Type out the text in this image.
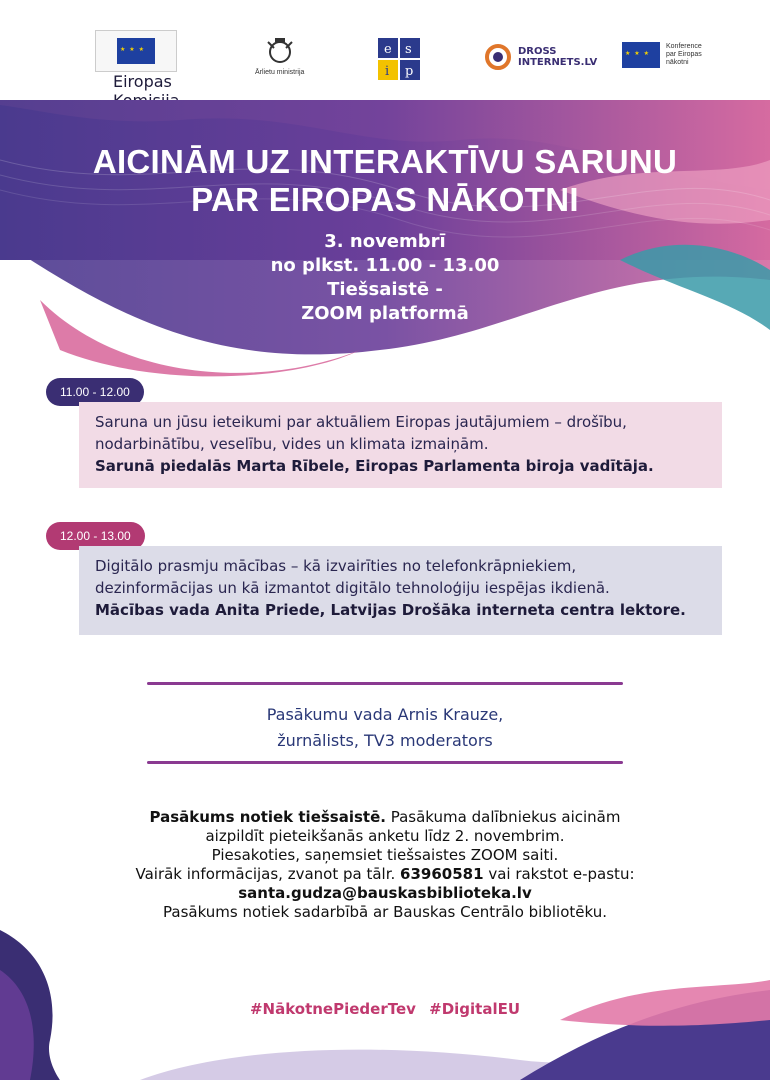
★ ★ ★
Eiropas	Ārlietu ministrija
e s
i p
DROSS INTERNETS.LV
★ ★ ★
Konference
par Eiropas
nākotni
AICINĀM UZ INTERAKTĪVU SARUNU
PAR EIROPAS NĀKOTNI
3. novembrī
no plkst. 11.00 - 13.00
Tiešsaistē -
ZOOM platformā
11.00 - 12.00

Saruna un jūsu ieteikumi par aktuāliem Eiropas jautājumiem – drošību,

nodarbinātību, veselību, vides un klimata izmaiņām.

Sarunā piedalās Marta Rībele, Eiropas Parlamenta biroja vadītāja.

12.00 - 13.00

Digitālo prasmju mācības – kā izvairīties no telefonkrāpniekiem,

dezinformācijas un kā izmantot digitālo tehnoloģiju iespējas ikdienā.

Mācības vada Anita Priede, Latvijas Drošāka interneta centra lektore.

Pasākumu vada Arnis Krauze,
žurnālists, TV3 moderators
Pasākums notiek tiešsaistē. Pasākuma dalībniekus aicinām
aizpildīt pieteikšanās anketu līdz 2. novembrim.
Piesakoties, saņemsiet tiešsaistes ZOOM saiti.
Vairāk informācijas, zvanot pa tālr. 63960581 vai rakstot e-pastu:
santa.gudza@bauskasbiblioteka.lv
Pasākums notiek sadarbībā ar Bauskas Centrālo bibliotēku.
#NākotnePiederTev #DigitalEU
